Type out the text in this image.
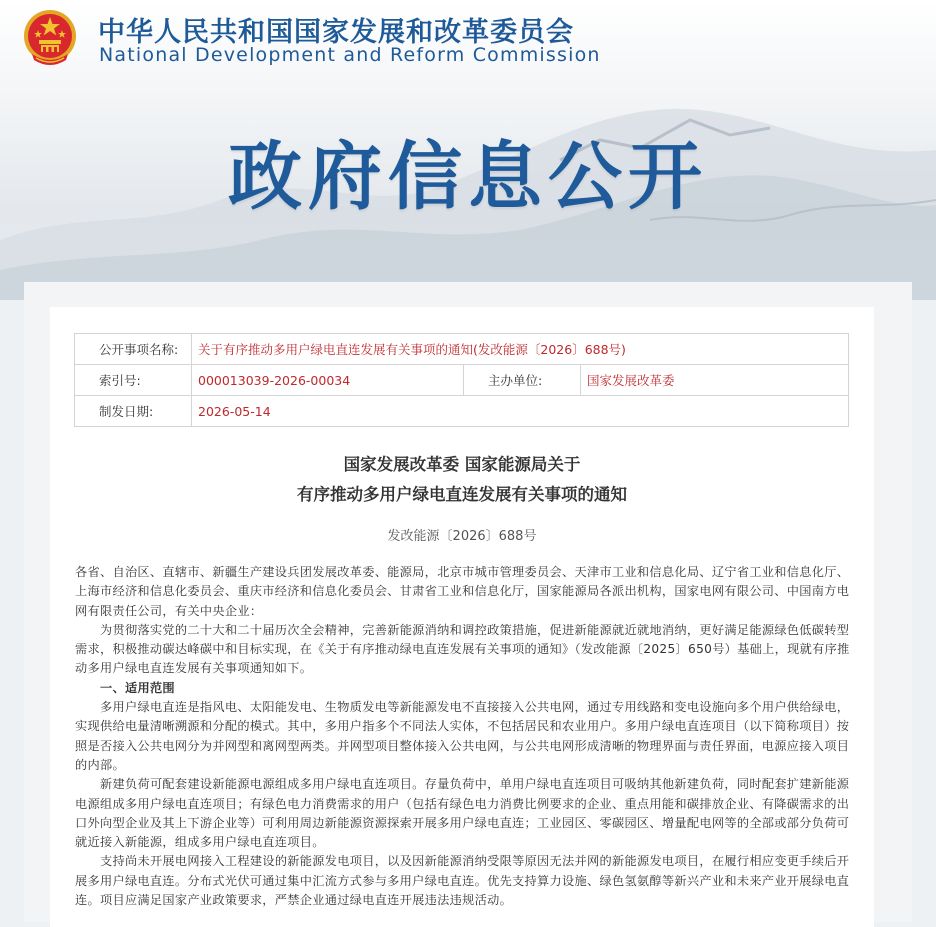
中华人民共和国国家发展和改革委员会
National Development and Reform Commission
政府信息公开
公开事项名称:	关于有序推动多用户绿电直连发展有关事项的通知(发改能源〔2026〕688号)		
索引号:	000013039-2026-00034	主办单位:	国家发展改革委
制发日期:	2026-05-14		
国家发展改革委 国家能源局关于
有序推动多用户绿电直连发展有关事项的通知
发改能源〔2026〕688号

各省、自治区、直辖市、新疆生产建设兵团发展改革委、能源局，北京市城市管理委员会、天津市工业和信息化局、辽宁省工业和信息化厅、上海市经济和信息化委员会、重庆市经济和信息化委员会、甘肃省工业和信息化厅，国家能源局各派出机构，国家电网有限公司、中国南方电网有限责任公司，有关中央企业：

为贯彻落实党的二十大和二十届历次全会精神，完善新能源消纳和调控政策措施，促进新能源就近就地消纳，更好满足能源绿色低碳转型需求，积极推动碳达峰碳中和目标实现，在《关于有序推动绿电直连发展有关事项的通知》（发改能源〔2025〕650号）基础上，现就有序推动多用户绿电直连发展有关事项通知如下。

一、适用范围

多用户绿电直连是指风电、太阳能发电、生物质发电等新能源发电不直接接入公共电网，通过专用线路和变电设施向多个用户供给绿电，实现供给电量清晰溯源和分配的模式。其中，多用户指多个不同法人实体，不包括居民和农业用户。多用户绿电直连项目（以下简称项目）按照是否接入公共电网分为并网型和离网型两类。并网型项目整体接入公共电网，与公共电网形成清晰的物理界面与责任界面，电源应接入项目的内部。

新建负荷可配套建设新能源电源组成多用户绿电直连项目。存量负荷中，单用户绿电直连项目可吸纳其他新建负荷，同时配套扩建新能源电源组成多用户绿电直连项目；有绿色电力消费需求的用户（包括有绿色电力消费比例要求的企业、重点用能和碳排放企业、有降碳需求的出口外向型企业及其上下游企业等）可利用周边新能源资源探索开展多用户绿电直连；工业园区、零碳园区、增量配电网等的全部或部分负荷可就近接入新能源，组成多用户绿电直连项目。

支持尚未开展电网接入工程建设的新能源发电项目，以及因新能源消纳受限等原因无法并网的新能源发电项目，在履行相应变更手续后开展多用户绿电直连。分布式光伏可通过集中汇流方式参与多用户绿电直连。优先支持算力设施、绿色氢氨醇等新兴产业和未来产业开展绿电直连。项目应满足国家产业政策要求，严禁企业通过绿电直连开展违法违规活动。
